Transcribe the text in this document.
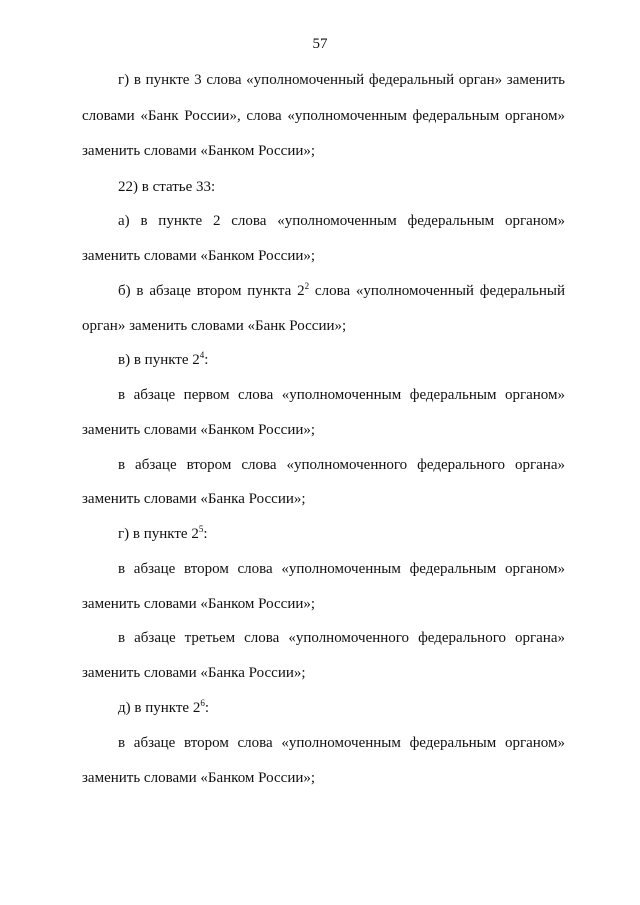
57
г) в пункте 3 слова «уполномоченный федеральный орган» заменить
словами «Банк России», слова «уполномоченным федеральным органом»
заменить словами «Банком России»;
22) в статье 33:
а) в пункте 2 слова «уполномоченным федеральным органом»
заменить словами «Банком России»;
б) в абзаце втором пункта $2^2$ слова «уполномоченный федеральный
орган» заменить словами «Банк России»;
в) в пункте $2^4$:
в абзаце первом слова «уполномоченным федеральным органом»
заменить словами «Банком России»;
в абзаце втором слова «уполномоченного федерального органа»
заменить словами «Банка России»;
г) в пункте $2^5$:
в абзаце втором слова «уполномоченным федеральным органом»
заменить словами «Банком России»;
в абзаце третьем слова «уполномоченного федерального органа»
заменить словами «Банка России»;
д) в пункте $2^6$:
в абзаце втором слова «уполномоченным федеральным органом»
заменить словами «Банком России»;
